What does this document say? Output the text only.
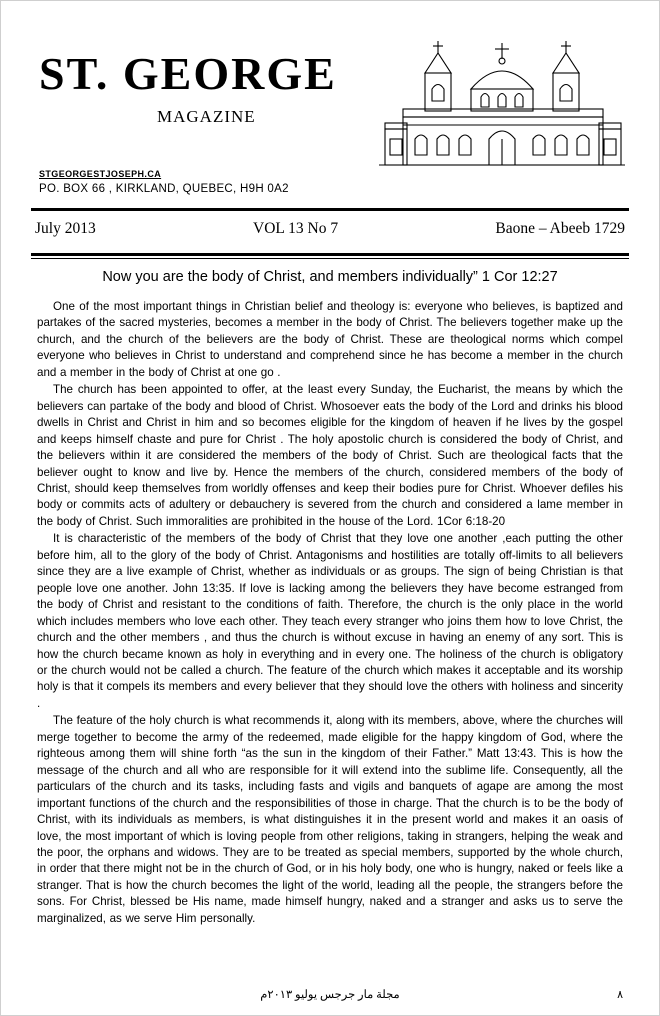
ST. GEORGE
MAGAZINE
STGEORGESTJOSEPH.CA
PO. BOX 66 , KIRKLAND, QUEBEC, H9H 0A2
July 2013	VOL 13 No 7	Baone – Abeeb 1729
Now you are the body of Christ, and members individually” 1 Cor 12:27

One of the most important things in Christian belief and theology is: everyone who believes, is baptized and partakes of the sacred mysteries, becomes a member in the body of Christ. The believers together make up the church, and the church of the believers are the body of Christ. These are theological norms which compel everyone who believes in Christ to understand and comprehend since he has become a member in the church and a member in the body of Christ at one go .

The church has been appointed to offer, at the least every Sunday, the Eucharist, the means by which the believers can partake of the body and blood of Christ. Whosoever eats the body of the Lord and drinks his blood dwells in Christ and Christ in him and so becomes eligible for the kingdom of heaven if he lives by the gospel and keeps himself chaste and pure for Christ . The holy apostolic church is considered the body of Christ, and the believers within it are considered the members of the body of Christ. Such are theological facts that the believer ought to know and live by. Hence the members of the church, considered members of the body of Christ, should keep themselves from worldly offenses and keep their bodies pure for Christ. Whoever defiles his body or commits acts of adultery or debauchery is severed from the church and considered a lame member in the body of Christ. Such immoralities are prohibited in the house of the Lord. 1Cor 6:18-20

It is characteristic of the members of the body of Christ that they love one another ,each putting the other before him, all to the glory of the body of Christ. Antagonisms and hostilities are totally off-limits to all believers since they are a live example of Christ, whether as individuals or as groups. The sign of being Christian is that people love one another. John 13:35. If love is lacking among the believers they have become estranged from the body of Christ and resistant to the conditions of faith. Therefore, the church is the only place in the world which includes members who love each other. They teach every stranger who joins them how to love Christ, the church and the other members , and thus the church is without excuse in having an enemy of any sort. This is how the church became known as holy in everything and in every one. The holiness of the church is obligatory or the church would not be called a church. The feature of the church which makes it acceptable and its worship holy is that it compels its members and every believer that they should love the others with holiness and sincerity .

The feature of the holy church is what recommends it, along with its members, above, where the churches will merge together to become the army of the redeemed, made eligible for the happy kingdom of God, where the righteous among them will shine forth “as the sun in the kingdom of their Father.” Matt 13:43. This is how the message of the church and all who are responsible for it will extend into the sublime life. Consequently, all the particulars of the church and its tasks, including fasts and vigils and banquets of agape are among the most important functions of the church and the responsibilities of those in charge. That the church is to be the body of Christ, with its individuals as members, is what distinguishes it in the present world and makes it an oasis of love, the most important of which is loving people from other religions, taking in strangers, helping the weak and the poor, the orphans and widows. They are to be treated as special members, supported by the whole church, in order that there might not be in the church of God, or in his holy body, one who is hungry, naked or feels like a stranger. That is how the church becomes the light of the world, leading all the people, the strangers before the sons. For Christ, blessed be His name, made himself hungry, naked and a stranger and asks us to serve the marginalized, as we serve Him personally.

مجلة مار جرجس يوليو ٢٠١٣م	٨
